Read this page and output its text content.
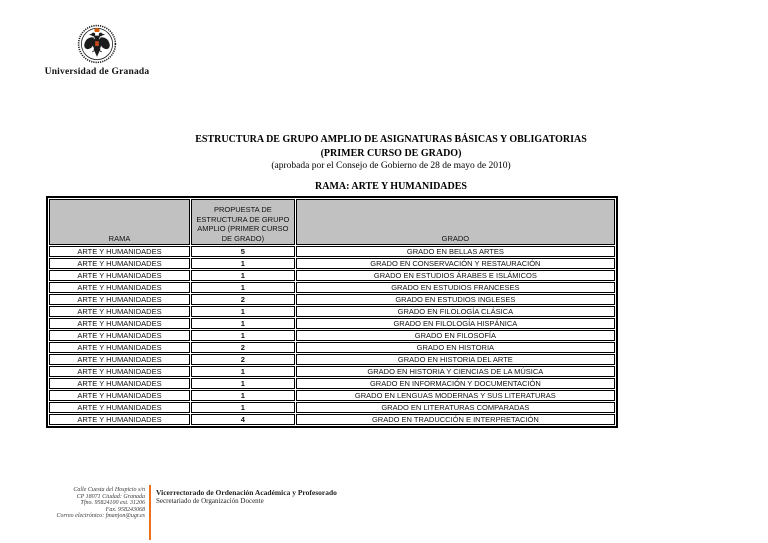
Universidad de Granada
ESTRUCTURA DE GRUPO AMPLIO DE ASIGNATURAS BÁSICAS Y OBLIGATORIAS
(PRIMER CURSO DE GRADO)
(aprobada por el Consejo de Gobierno de 28 de mayo de 2010)
RAMA: ARTE Y HUMANIDADES
RAMA	PROPUESTA DE ESTRUCTURA DE GRUPO AMPLIO (PRIMER CURSO DE GRADO)	GRADO
ARTE Y HUMANIDADES	5	GRADO EN BELLAS ARTES
ARTE Y HUMANIDADES	1	GRADO EN CONSERVACIÓN Y RESTAURACIÓN
ARTE Y HUMANIDADES	1	GRADO EN ESTUDIOS ÁRABES E ISLÁMICOS
ARTE Y HUMANIDADES	1	GRADO EN ESTUDIOS FRANCESES
ARTE Y HUMANIDADES	2	GRADO EN ESTUDIOS INGLESES
ARTE Y HUMANIDADES	1	GRADO EN FILOLOGÍA CLÁSICA
ARTE Y HUMANIDADES	1	GRADO EN FILOLOGÍA HISPÁNICA
ARTE Y HUMANIDADES	1	GRADO EN FILOSOFÍA
ARTE Y HUMANIDADES	2	GRADO EN HISTORIA
ARTE Y HUMANIDADES	2	GRADO EN HISTORIA DEL ARTE
ARTE Y HUMANIDADES	1	GRADO EN HISTORIA Y CIENCIAS DE LA MÚSICA
ARTE Y HUMANIDADES	1	GRADO EN INFORMACIÓN Y DOCUMENTACIÓN
ARTE Y HUMANIDADES	1	GRADO EN LENGUAS MODERNAS Y SUS LITERATURAS
ARTE Y HUMANIDADES	1	GRADO EN LITERATURAS COMPARADAS
ARTE Y HUMANIDADES	4	GRADO EN TRADUCCIÓN E INTERPRETACIÓN
Calle Cuesta del Hospicio s/n
CP 18071 Ciudad: Granada
Tfno. 95824100 ext. 31206
Fax. 958243068
Correo electrónico: fmanjon@ugr.es
Vicerrectorado de Ordenación Académica y Profesorado
Secretariado de Organización Docente
